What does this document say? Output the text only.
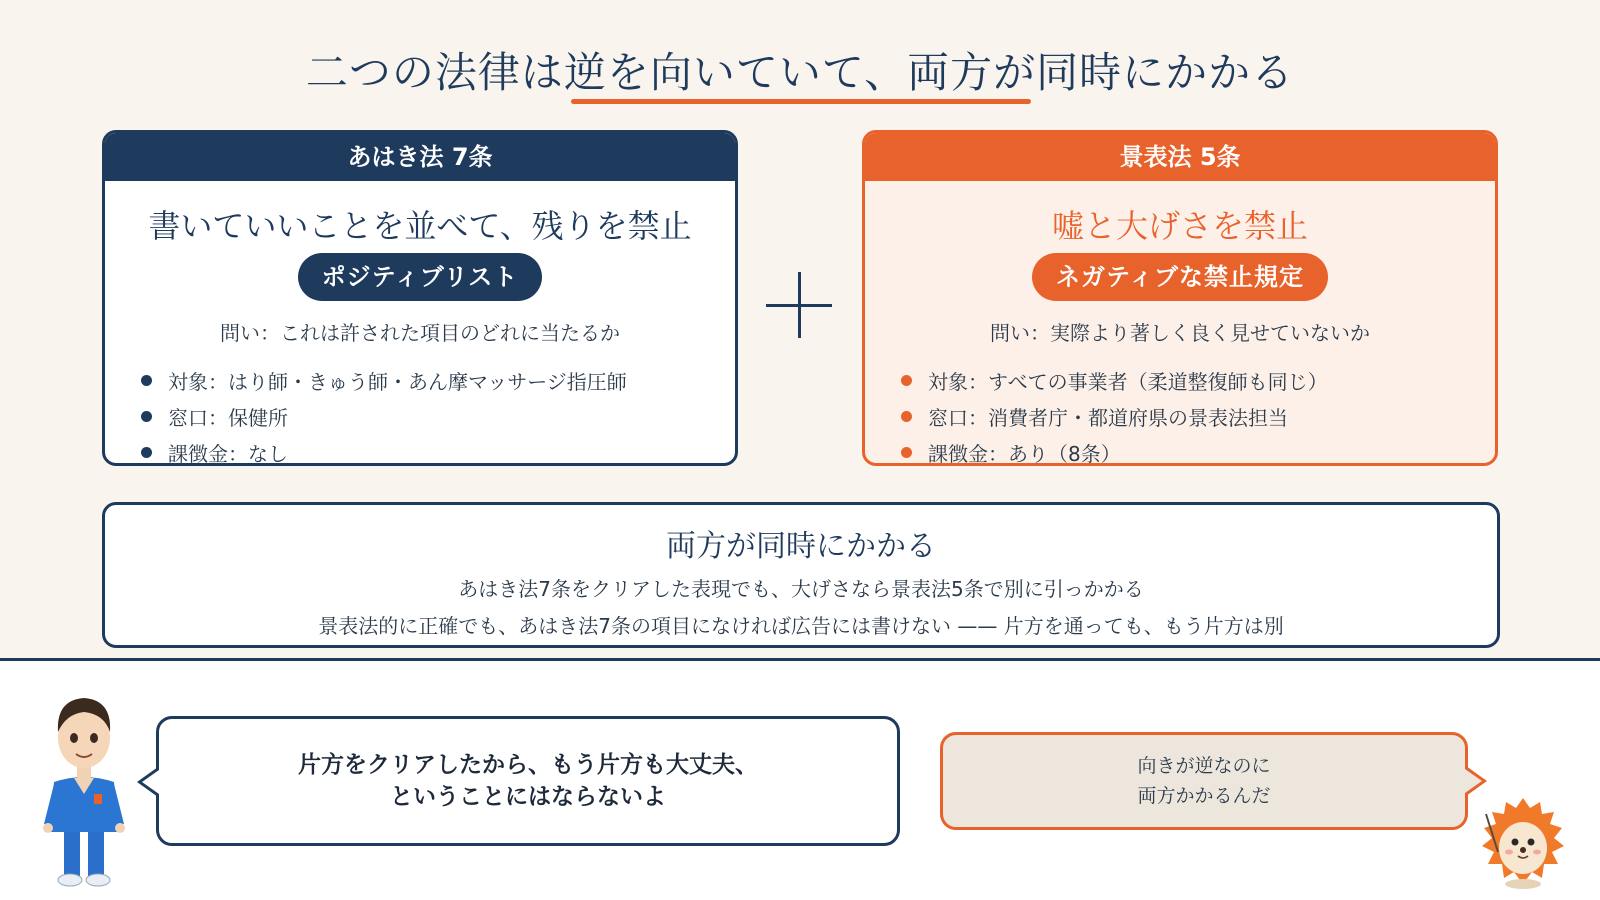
二つの法律は逆を向いていて、両方が同時にかかる
あはき法 7条
書いていいことを並べて、残りを禁止
ポジティブリスト
問い：これは許された項目のどれに当たるか
対象：はり師・きゅう師・あん摩マッサージ指圧師
窓口：保健所
課徴金：なし
景表法 5条
嘘と大げさを禁止
ネガティブな禁止規定
問い：実際より著しく良く見せていないか
対象：すべての事業者（柔道整復師も同じ）
窓口：消費者庁・都道府県の景表法担当
課徴金：あり（8条）
両方が同時にかかる
あはき法7条をクリアした表現でも、大げさなら景表法5条で別に引っかかる
景表法的に正確でも、あはき法7条の項目になければ広告には書けない —— 片方を通っても、もう片方は別
片方をクリアしたから、もう片方も大丈夫、
ということにはならないよ
向きが逆なのに
両方かかるんだ
